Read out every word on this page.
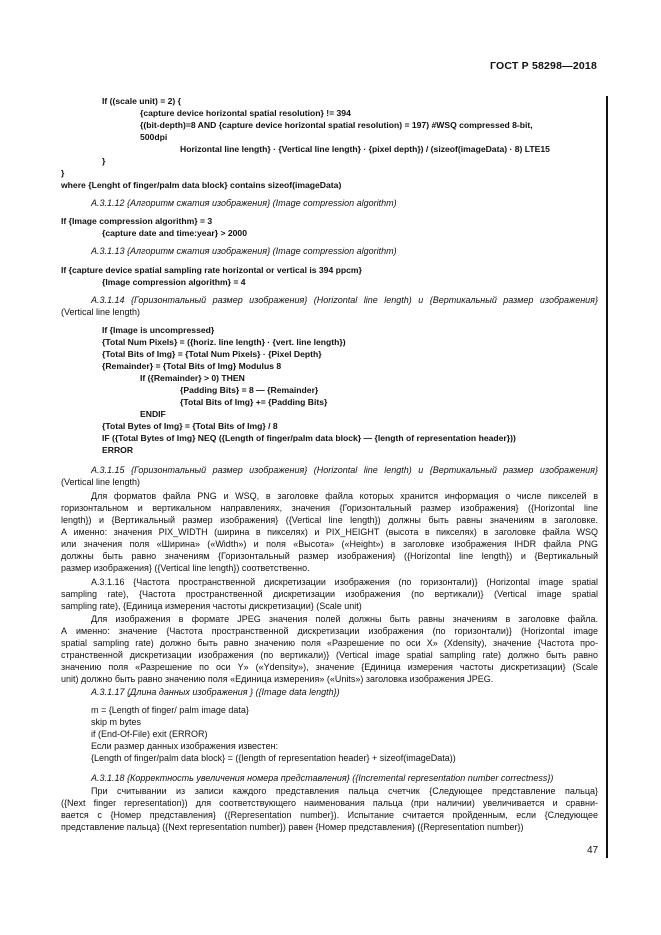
ГОСТ Р 58298—2018
If ((scale unit) = 2) {
{capture device horizontal spatial resolution} != 394
{(bit-depth)=8 AND {capture device horizontal spatial resolution) = 197) #WSQ compressed 8-bit,
500dpi
Horizontal line length} · {Vertical line length} · {pixel depth}) / (sizeof(imageData) · 8) LTE15
}
}
where {Lenght of finger/palm data block} contains sizeof(imageData)
A.3.1.12 {Алгоритм сжатия изображения} (Image compression algorithm)
If {Image compression algorithm} = 3
{capture date and time:year} > 2000
A.3.1.13 {Алгоритм сжатия изображения} (Image compression algorithm)
If {capture device spatial sampling rate horizontal or vertical is 394 ppcm}
{Image compression algorithm} = 4
A.3.1.14 {Горизонтальный размер изображения} (Horizontal line length) и {Вертикальный размер изображения}
(Vertical line length)
If {Image is uncompressed}
{Total Num Pixels} = ({horiz. line length} · {vert. line length})
{Total Bits of Img} = {Total Num Pixels} · {Pixel Depth}
{Remainder} = {Total Bits of Img} Modulus 8
If ({Remainder} > 0) THEN
{Padding Bits} = 8 — {Remainder}
{Total Bits of Img} += {Padding Bits}
ENDIF
{Total Bytes of Img} = {Total Bits of Img} / 8
IF ({Total Bytes of Img} NEQ ({Length of finger/palm data block} — {length of representation header}))
ERROR
A.3.1.15 {Горизонтальный размер изображения} (Horizontal line length) и {Вертикальный размер изображения}
(Vertical line length)
Для форматов файла PNG и WSQ, в заголовке файла которых хранится информация о числе пикселей в
горизонтальном и вертикальном направлениях, значения {Горизонтальный размер изображения} ({Horizontal line
length}) и {Вертикальный размер изображения} ({Vertical line length}) должны быть равны значениям в заголовке.
А именно: значения PIX_WIDTH (ширина в пикселях) и PIX_HEIGHT (высота в пикселях) в заголовке файла WSQ
или значения поля «Ширина» («Width») и поля «Высота» («Height») в заголовке изображения IHDR файла PNG
должны быть равно значениям {Горизонтальный размер изображения} ({Horizontal line length}) и {Вертикальный
размер изображения} ({Vertical line length}) соответственно.
A.3.1.16 {Частота пространственной дискретизации изображения (по горизонтали)} (Horizontal image spatial
sampling rate), {Частота пространственной дискретизации изображения (по вертикали)} (Vertical image spatial
sampling rate), {Единица измерения частоты дискретизации} (Scale unit)
Для изображения в формате JPEG значения полей должны быть равны значениям в заголовке файла.
А именно: значение {Частота пространственной дискретизации изображения (по горизонтали)} (Horizontal image
spatial sampling rate) должно быть равно значению поля «Разрешение по оси X» (Xdensity), значение {Частота про-
странственной дискретизации изображения (по вертикали)} (Vertical image spatial sampling rate) должно быть равно
значению поля «Разрешение по оси Y» («Ydensity»), значение {Единица измерения частоты дискретизации} (Scale
unit) должно быть равно значению поля «Единица измерения» («Units») заголовка изображения JPEG.
A.3.1.17 {Длина данных изображения } ({Image data length})
m = {Length of finger/ palm image data}
skip m bytes
if (End-Of-File) exit (ERROR)
Если размер данных изображения известен:
{Length of finger/palm data block} = ({length of representation header} + sizeof(imageData))
A.3.1.18 {Корректность увеличения номера представления} ({Incremental representation number correctness})
При считывании из записи каждого представления пальца счетчик {Следующее представление пальца}
({Next finger representation}) для соответствующего наименования пальца (при наличии) увеличивается и сравни-
вается с {Номер представления} ({Representation number}). Испытание считается пройденным, если {Следующее
представление пальца} ({Next representation number}) равен {Номер представления} ({Representation number})
47
